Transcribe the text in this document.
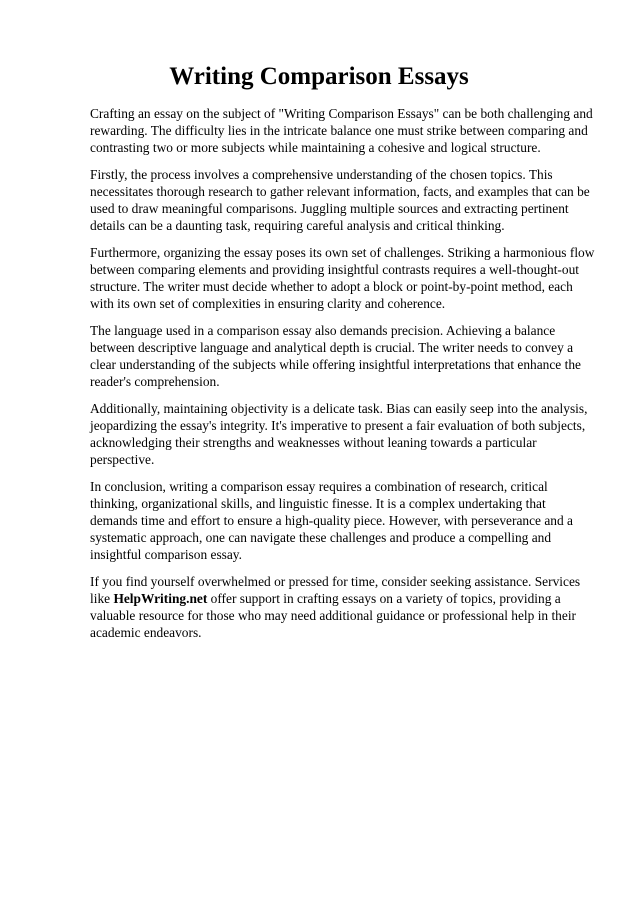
Writing Comparison Essays

Crafting an essay on the subject of "Writing Comparison Essays" can be both challenging and rewarding. The difficulty lies in the intricate balance one must strike between comparing and contrasting two or more subjects while maintaining a cohesive and logical structure.

Firstly, the process involves a comprehensive understanding of the chosen topics. This necessitates thorough research to gather relevant information, facts, and examples that can be used to draw meaningful comparisons. Juggling multiple sources and extracting pertinent details can be a daunting task, requiring careful analysis and critical thinking.

Furthermore, organizing the essay poses its own set of challenges. Striking a harmonious flow between comparing elements and providing insightful contrasts requires a well-thought-out structure. The writer must decide whether to adopt a block or point-by-point method, each with its own set of complexities in ensuring clarity and coherence.

The language used in a comparison essay also demands precision. Achieving a balance between descriptive language and analytical depth is crucial. The writer needs to convey a clear understanding of the subjects while offering insightful interpretations that enhance the reader's comprehension.

Additionally, maintaining objectivity is a delicate task. Bias can easily seep into the analysis, jeopardizing the essay's integrity. It's imperative to present a fair evaluation of both subjects, acknowledging their strengths and weaknesses without leaning towards a particular perspective.

In conclusion, writing a comparison essay requires a combination of research, critical thinking, organizational skills, and linguistic finesse. It is a complex undertaking that demands time and effort to ensure a high-quality piece. However, with perseverance and a systematic approach, one can navigate these challenges and produce a compelling and insightful comparison essay.

If you find yourself overwhelmed or pressed for time, consider seeking assistance. Services like HelpWriting.net offer support in crafting essays on a variety of topics, providing a valuable resource for those who may need additional guidance or professional help in their academic endeavors.
